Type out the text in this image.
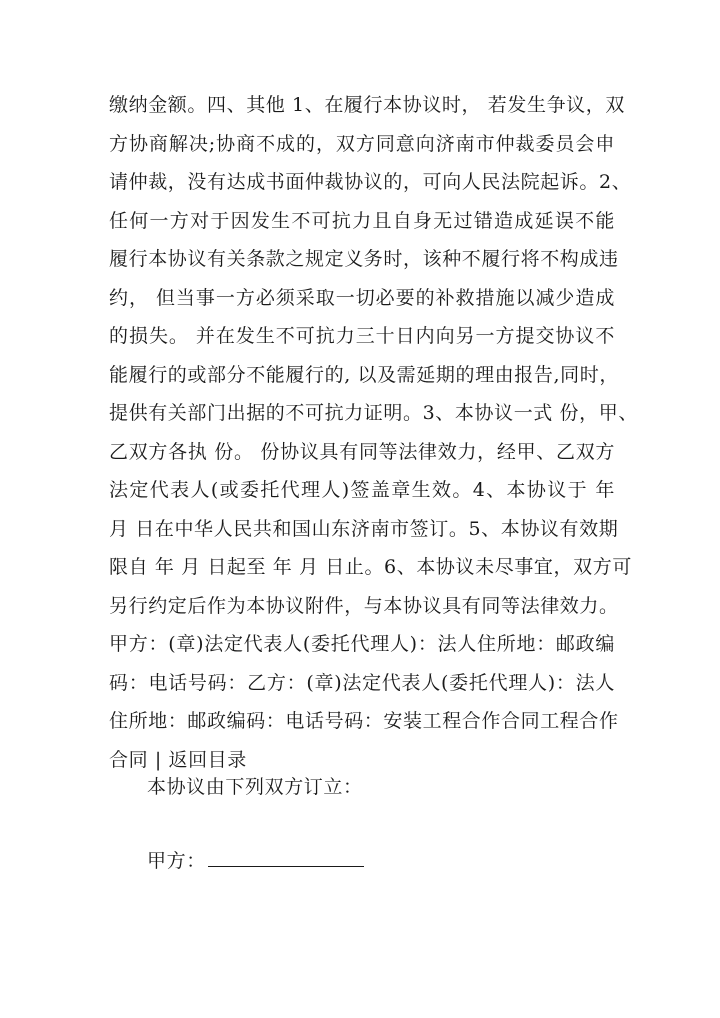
缴纳金额。四、其他 1、在履行本协议时， 若发生争议，双
方协商解决;协商不成的，双方同意向济南市仲裁委员会申
请仲裁，没有达成书面仲裁协议的，可向人民法院起诉。2、
任何一方对于因发生不可抗力且自身无过错造成延误不能
履行本协议有关条款之规定义务时，该种不履行将不构成违
约， 但当事一方必须采取一切必要的补救措施以减少造成
的损失。 并在发生不可抗力三十日内向另一方提交协议不
能履行的或部分不能履行的, 以及需延期的理由报告,同时，
提供有关部门出据的不可抗力证明。3、本协议一式 份，甲、
乙双方各执 份。 份协议具有同等法律效力，经甲、乙双方
法定代表人(或委托代理人)签盖章生效。4、本协议于 年
月 日在中华人民共和国山东济南市签订。5、本协议有效期
限自 年 月 日起至 年 月 日止。6、本协议未尽事宜，双方可
另行约定后作为本协议附件，与本协议具有同等法律效力。
甲方：(章)法定代表人(委托代理人)：法人住所地：邮政编
码：电话号码：乙方：(章)法定代表人(委托代理人)：法人
住所地：邮政编码：电话号码：安装工程合作合同工程合作
合同 | 返回目录
本协议由下列双方订立：
甲方：
